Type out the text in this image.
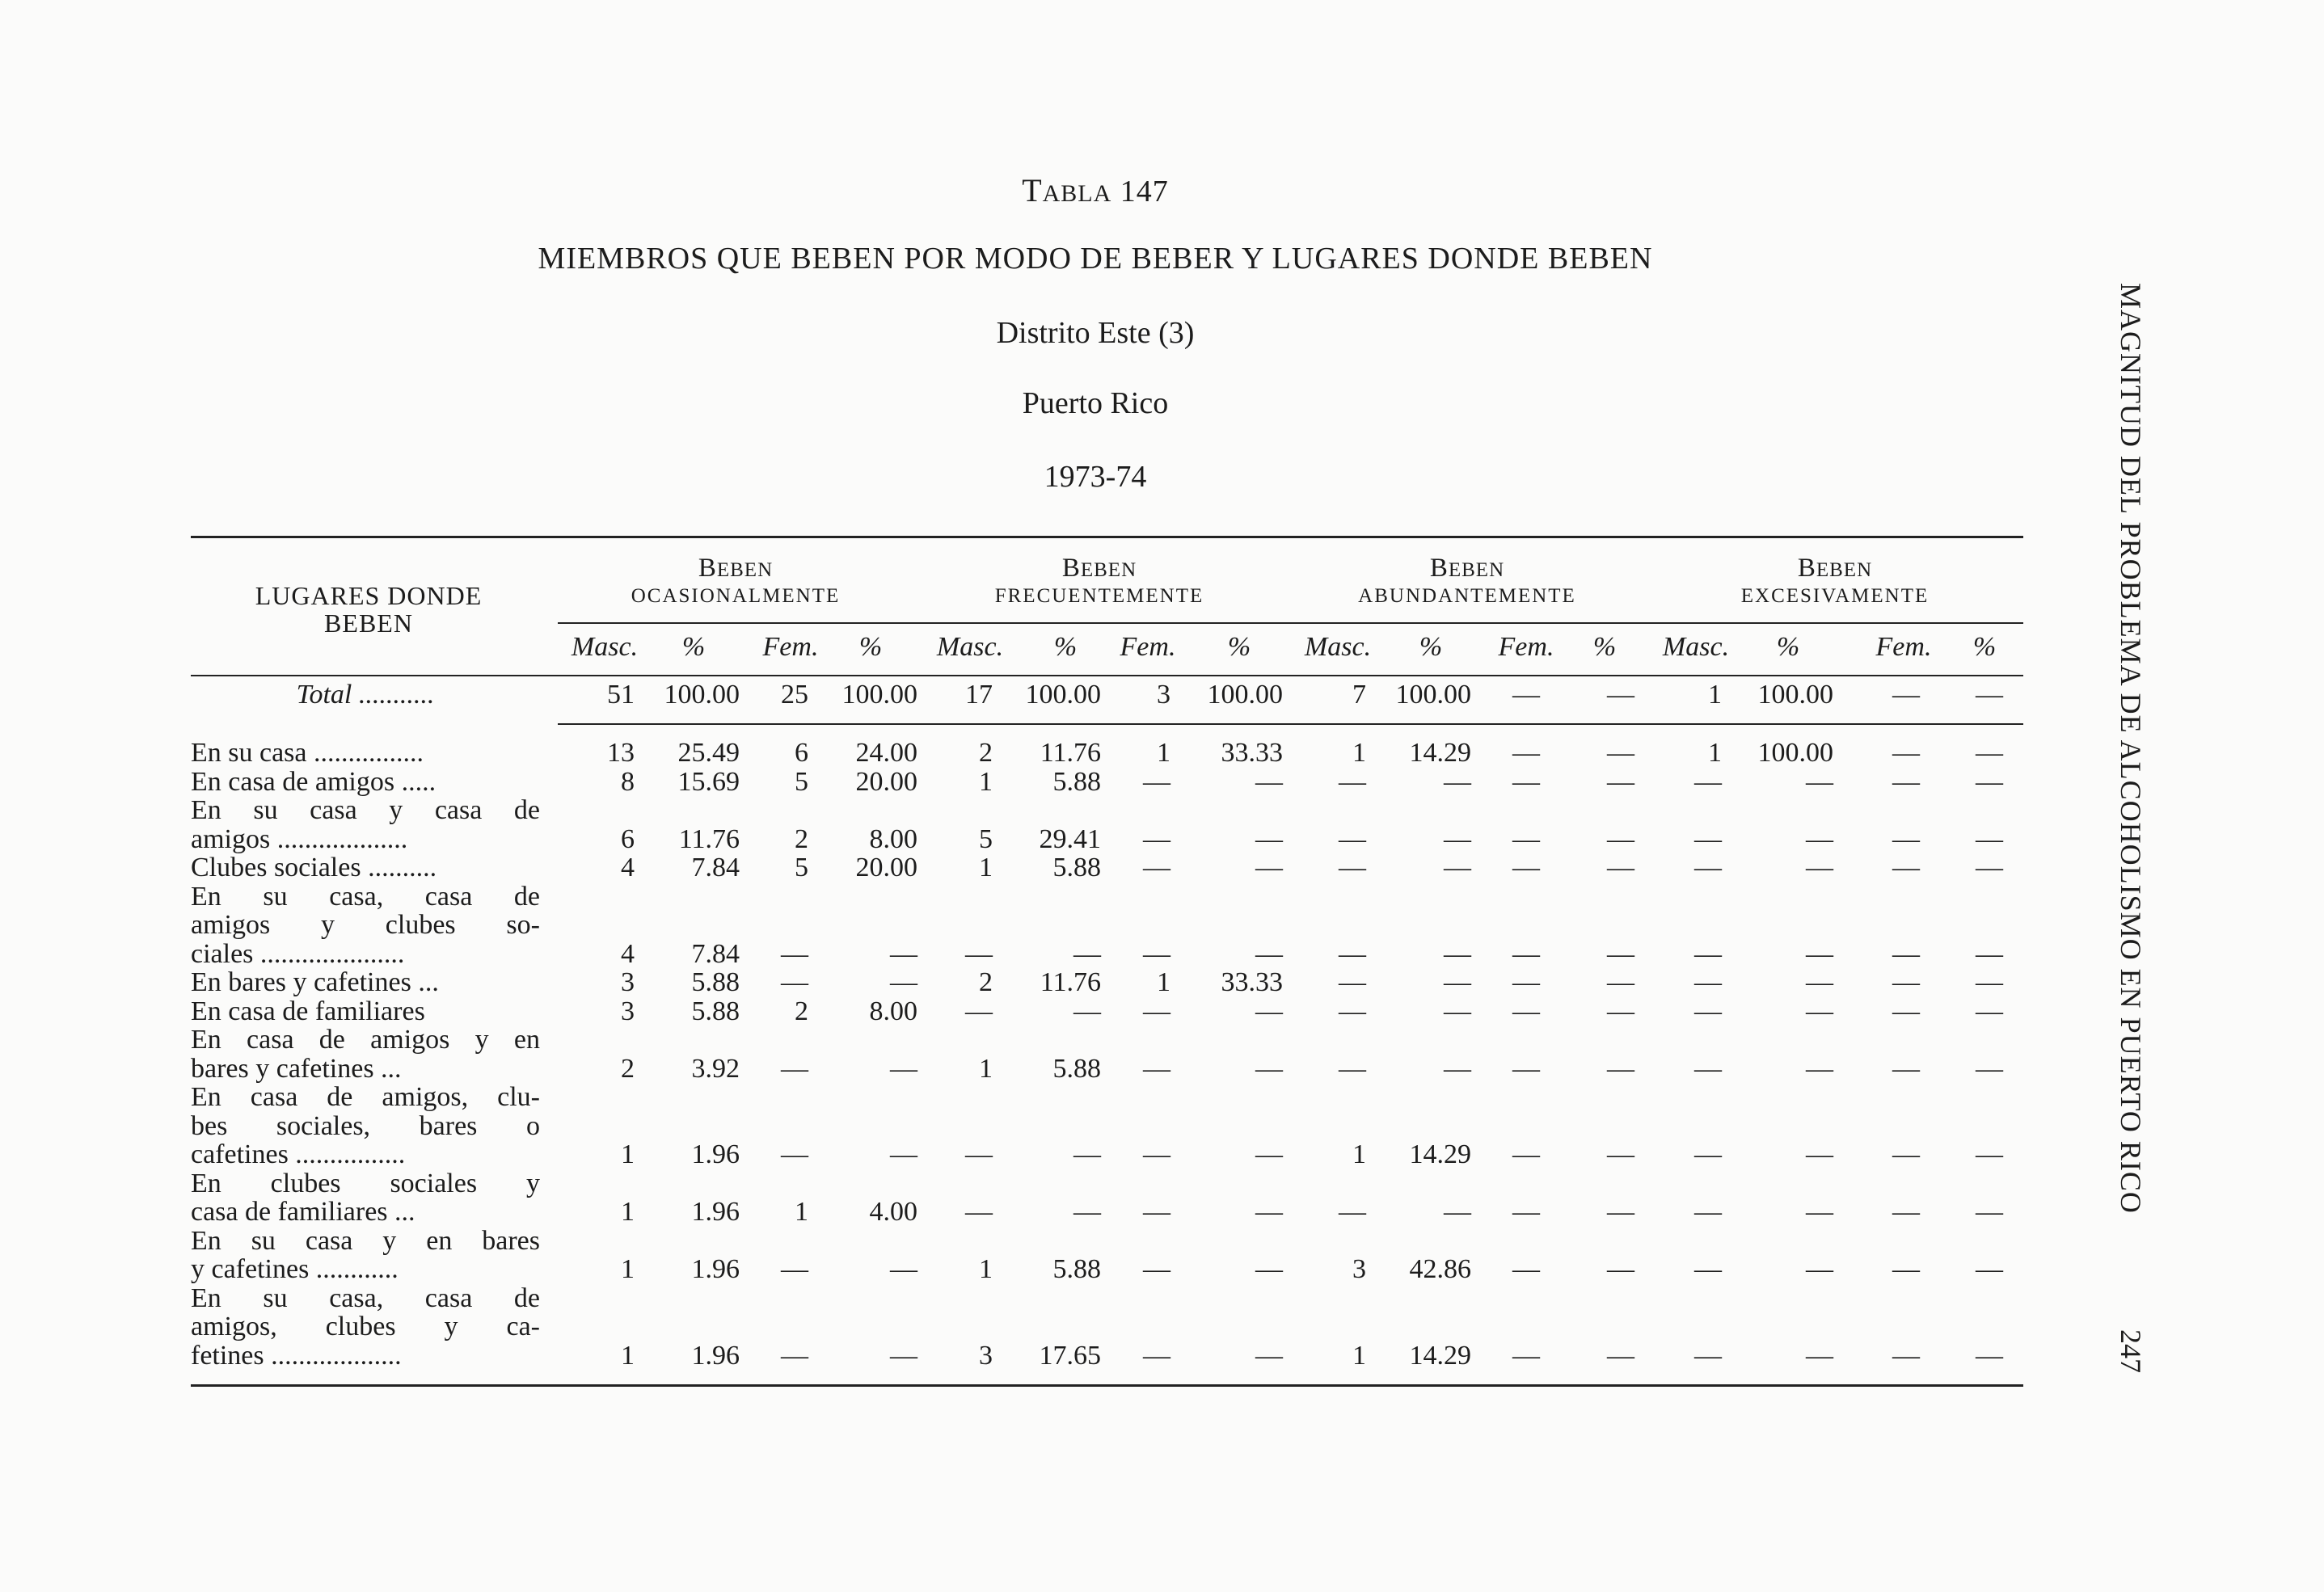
TABLA 147
MIEMBROS QUE BEBEN POR MODO DE BEBER Y LUGARES DONDE BEBEN
Distrito Este (3)
Puerto Rico
1973-74
LUGARES DONDE
BEBEN
BEBEN
OCASIONALMENTE
BEBEN
FRECUENTEMENTE
BEBEN
ABUNDANTEMENTE
BEBEN
EXCESIVAMENTE
Masc.	%	Fem.	%	Masc.	%	Fem.	%	Masc.	%	Fem.	%	Masc.	%	Fem.	%
Total ...........	51	100.00	25	100.00	17	100.00	3	100.00	7	100.00	—	—	1	100.00	—	—
En su casa ................	13	25.49	6	24.00	2	11.76	1	33.33	1	14.29	—	—	1	100.00	—	—
En casa de amigos .....	8	15.69	5	20.00	1	5.88	—	—	—	—	—	—	—	—	—	—
En su casa y casa de
amigos ...................	6	11.76	2	8.00	5	29.41	—	—	—	—	—	—	—	—	—	—
Clubes sociales ..........	4	7.84	5	20.00	1	5.88	—	—	—	—	—	—	—	—	—	—
En su casa, casa de
amigos y clubes so-
ciales .....................	4	7.84	—	—	—	—	—	—	—	—	—	—	—	—	—	—
En bares y cafetines ...	3	5.88	—	—	2	11.76	1	33.33	—	—	—	—	—	—	—	—
En casa de familiares	3	5.88	2	8.00	—	—	—	—	—	—	—	—	—	—	—	—
En casa de amigos y en
bares y cafetines ...	2	3.92	—	—	1	5.88	—	—	—	—	—	—	—	—	—	—
En casa de amigos, clu-
bes sociales, bares o
cafetines ................	1	1.96	—	—	—	—	—	—	1	14.29	—	—	—	—	—	—
En clubes sociales y
casa de familiares ...	1	1.96	1	4.00	—	—	—	—	—	—	—	—	—	—	—	—
En su casa y en bares
y cafetines ............	1	1.96	—	—	1	5.88	—	—	3	42.86	—	—	—	—	—	—
En su casa, casa de
amigos, clubes y ca-
fetines ...................	1	1.96	—	—	3	17.65	—	—	1	14.29	—	—	—	—	—	—
MAGNITUD DEL PROBLEMA DE ALCOHOLISMO EN PUERTO RICO
247
